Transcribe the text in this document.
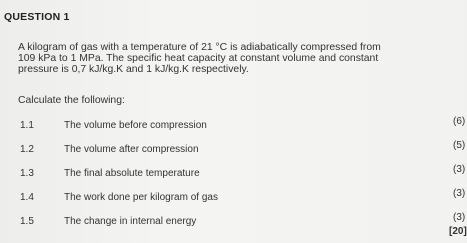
QUESTION 1
A kilogram of gas with a temperature of 21 °C is adiabatically compressed from
109 kPa to 1 MPa. The specific heat capacity at constant volume and constant
pressure is 0,7 kJ/kg.K and 1 kJ/kg.K respectively.
Calculate the following:
1.1	The volume before compression	(6)
1.2	The volume after compression	(5)
1.3	The final absolute temperature	(3)
1.4	The work done per kilogram of gas	(3)
1.5	The change in internal energy	(3)
[20]
